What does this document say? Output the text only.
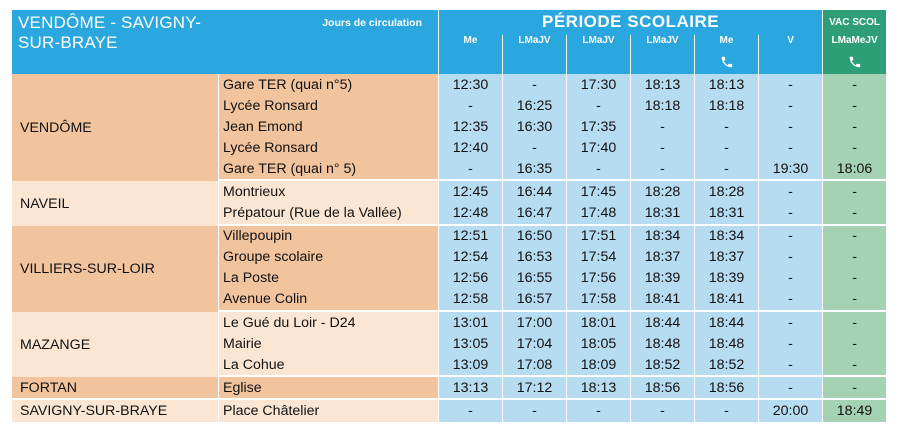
VENDÔME - SAVIGNY-SUR-BRAYE	Jours de circulation	PÉRIODE SCOLAIRE						VAC SCOL
		Me	LMaJV	LMaJV	LMaJV	Me	V	LMaMeJV

VENDÔME	Gare TER (quai n°5)	12:30	-	17:30	18:13	18:13	-	-
	Lycée Ronsard	-	16:25	-	18:18	18:18	-	-
	Jean Emond	12:35	16:30	17:35	-	-	-	-
	Lycée Ronsard	12:40	-	17:40	-	-	-	-
	Gare TER (quai n° 5)	-	16:35	-	-	-	19:30	18:06
NAVEIL	Montrieux	12:45	16:44	17:45	18:28	18:28	-	-
	Prépatour (Rue de la Vallée)	12:48	16:47	17:48	18:31	18:31	-	-
VILLIERS-SUR-LOIR	Villepoupin	12:51	16:50	17:51	18:34	18:34	-	-
	Groupe scolaire	12:54	16:53	17:54	18:37	18:37	-	-
	La Poste	12:56	16:55	17:56	18:39	18:39	-	-
	Avenue Colin	12:58	16:57	17:58	18:41	18:41	-	-
MAZANGE	Le Gué du Loir - D24	13:01	17:00	18:01	18:44	18:44	-	-
	Mairie	13:05	17:04	18:05	18:48	18:48	-	-
	La Cohue	13:09	17:08	18:09	18:52	18:52	-	-
FORTAN	Eglise	13:13	17:12	18:13	18:56	18:56	-	-
SAVIGNY-SUR-BRAYE	Place Châtelier	-	-	-	-	-	20:00	18:49
